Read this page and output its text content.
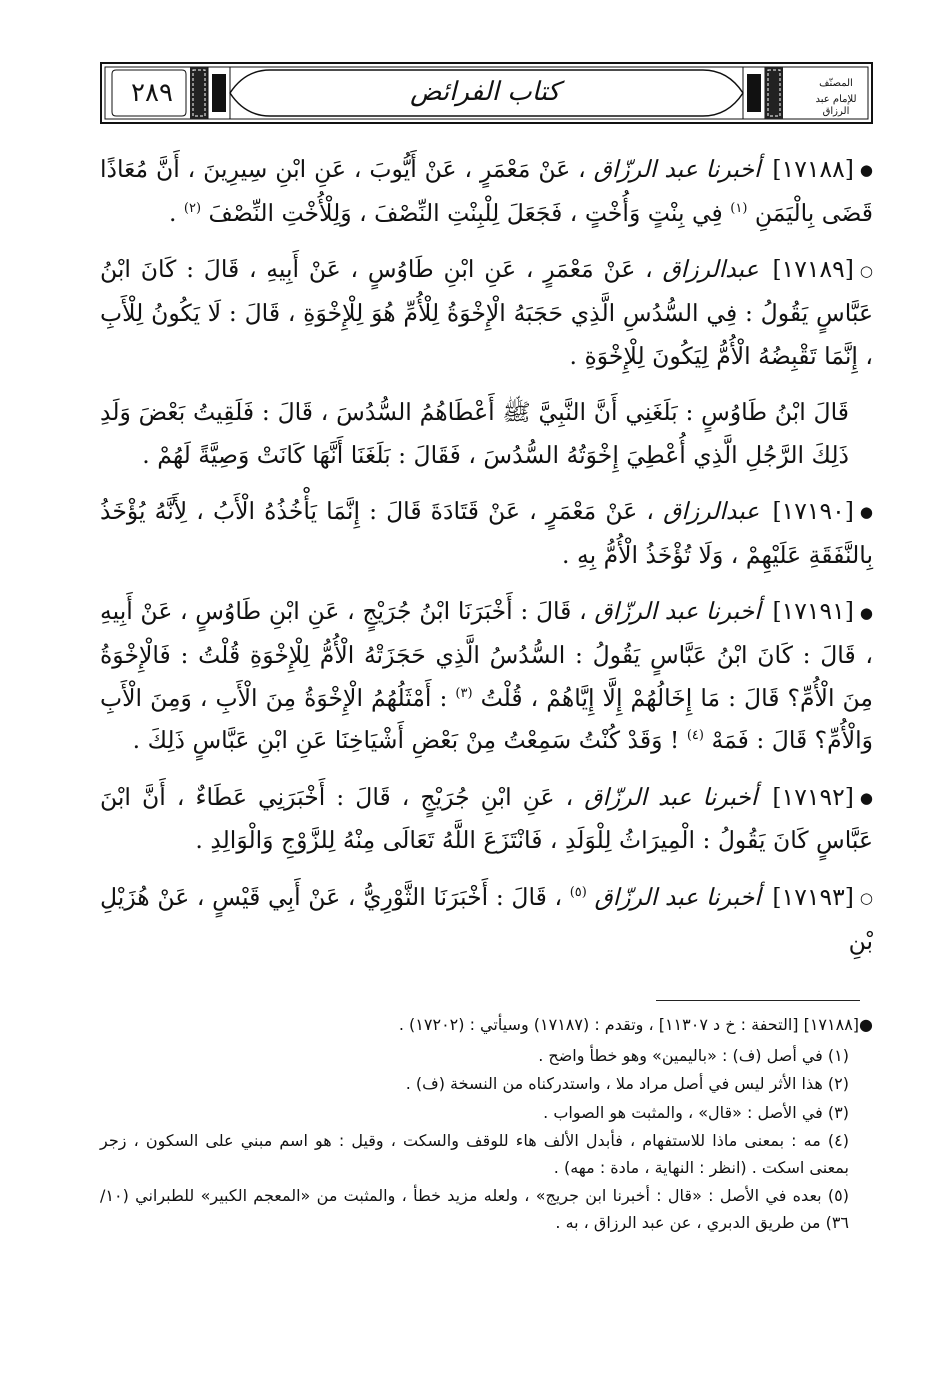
٢٨٩	كتاب الفرائض	المصنّف
للإمام عبد الرزاق

●[١٧١٨٨] أخبرنا عبد الرزّاق ، عَنْ مَعْمَرٍ ، عَنْ أَيُّوبَ ، عَنِ ابْنِ سِيرِينَ ، أَنَّ مُعَاذًا قَضَى بِالْيَمَنِ $^{(١)}$ فِي بِنْتٍ وَأُخْتٍ ، فَجَعَلَ لِلْبِنْتِ النِّصْفَ ، وَلِلْأُخْتِ النِّصْفَ $^{(٢)}$ .

○[١٧١٨٩] عبدالرزاق ، عَنْ مَعْمَرٍ ، عَنِ ابْنِ طَاوُسٍ ، عَنْ أَبِيهِ ، قَالَ : كَانَ ابْنُ عَبَّاسٍ يَقُولُ : فِي السُّدُسِ الَّذِي حَجَبَهُ الْإِخْوَةُ لِلْأُمِّ هُوَ لِلْإِخْوَةِ ، قَالَ : لَا يَكُونُ لِلْأَبِ ، إِنَّمَا تَقْبِضُهُ الْأُمُّ لِيَكُونَ لِلْإِخْوَةِ .

قَالَ ابْنُ طَاوُسٍ : بَلَغَنِي أَنَّ النَّبِيَّ ﷺ أَعْطَاهُمُ السُّدُسَ ، قَالَ : فَلَقِيتُ بَعْضَ وَلَدِ ذَلِكَ الرَّجُلِ الَّذِي أُعْطِيَ إِخْوَتُهُ السُّدُسَ ، فَقَالَ : بَلَغَنَا أَنَّهَا كَانَتْ وَصِيَّةً لَهُمْ .

●[١٧١٩٠] عبدالرزاق ، عَنْ مَعْمَرٍ ، عَنْ قَتَادَةَ قَالَ : إِنَّمَا يَأْخُذُهُ الْأَبُ ، لِأَنَّهُ يُؤْخَذُ بِالنَّفَقَةِ عَلَيْهِمْ ، وَلَا تُؤْخَذُ الْأُمُّ بِهِ .

●[١٧١٩١] أخبرنا عبد الرزّاق ، قَالَ : أَخْبَرَنَا ابْنُ جُرَيْجٍ ، عَنِ ابْنِ طَاوُسٍ ، عَنْ أَبِيهِ ، قَالَ : كَانَ ابْنُ عَبَّاسٍ يَقُولُ : السُّدُسُ الَّذِي حَجَزَتْهُ الْأُمُّ لِلْإِخْوَةِ قُلْتُ : فَالْإِخْوَةُ مِنَ الْأُمِّ؟ قَالَ : مَا إِخَالُهُمْ إِلَّا إِيَّاهُمْ ، قُلْتُ $^{(٣)}$ : أَمْثَلُهُمُ الْإِخْوَةُ مِنَ الْأَبِ ، وَمِنَ الْأَبِ وَالْأُمِّ؟ قَالَ : فَمَهْ $^{(٤)}$ ! وَقَدْ كُنْتُ سَمِعْتُ مِنْ بَعْضِ أَشْيَاخِنَا عَنِ ابْنِ عَبَّاسٍ ذَلِكَ .

●[١٧١٩٢] أخبرنا عبد الرزّاق ، عَنِ ابْنِ جُرَيْجٍ ، قَالَ : أَخْبَرَنِي عَطَاءٌ ، أَنَّ ابْنَ عَبَّاسٍ كَانَ يَقُولُ : الْمِيرَاثُ لِلْوَلَدِ ، فَانْتَزَعَ اللَّهُ تَعَالَى مِنْهُ لِلزَّوْجِ وَالْوَالِدِ .

○[١٧١٩٣] أخبرنا عبد الرزّاق $^{(٥)}$ ، قَالَ : أَخْبَرَنَا الثَّوْرِيُّ ، عَنْ أَبِي قَيْسٍ ، عَنْ هُزَيْلِ بْنِ

●[١٧١٨٨] [التحفة : خ د ١١٣٠٧] ، وتقدم : (١٧١٨٧) وسيأتي : (١٧٢٠٢) .

(١) في أصل (ف) : «باليمين» وهو خطأ واضح .

(٢) هذا الأثر ليس في أصل مراد ملا ، واستدركناه من النسخة (ف) .

(٣) في الأصل : «قال» ، والمثبت هو الصواب .

(٤) مه : بمعنى ماذا للاستفهام ، فأبدل الألف هاء للوقف والسكت ، وقيل : هو اسم مبني على السكون ، زجر بمعنى اسكت . (انظر : النهاية ، مادة : مهه) .

(٥) بعده في الأصل : «قال : أخبرنا ابن جريج» ، ولعله مزيد خطأ ، والمثبت من «المعجم الكبير» للطبراني (١٠/ ٣٦) من طريق الدبري ، عن عبد الرزاق ، به .
